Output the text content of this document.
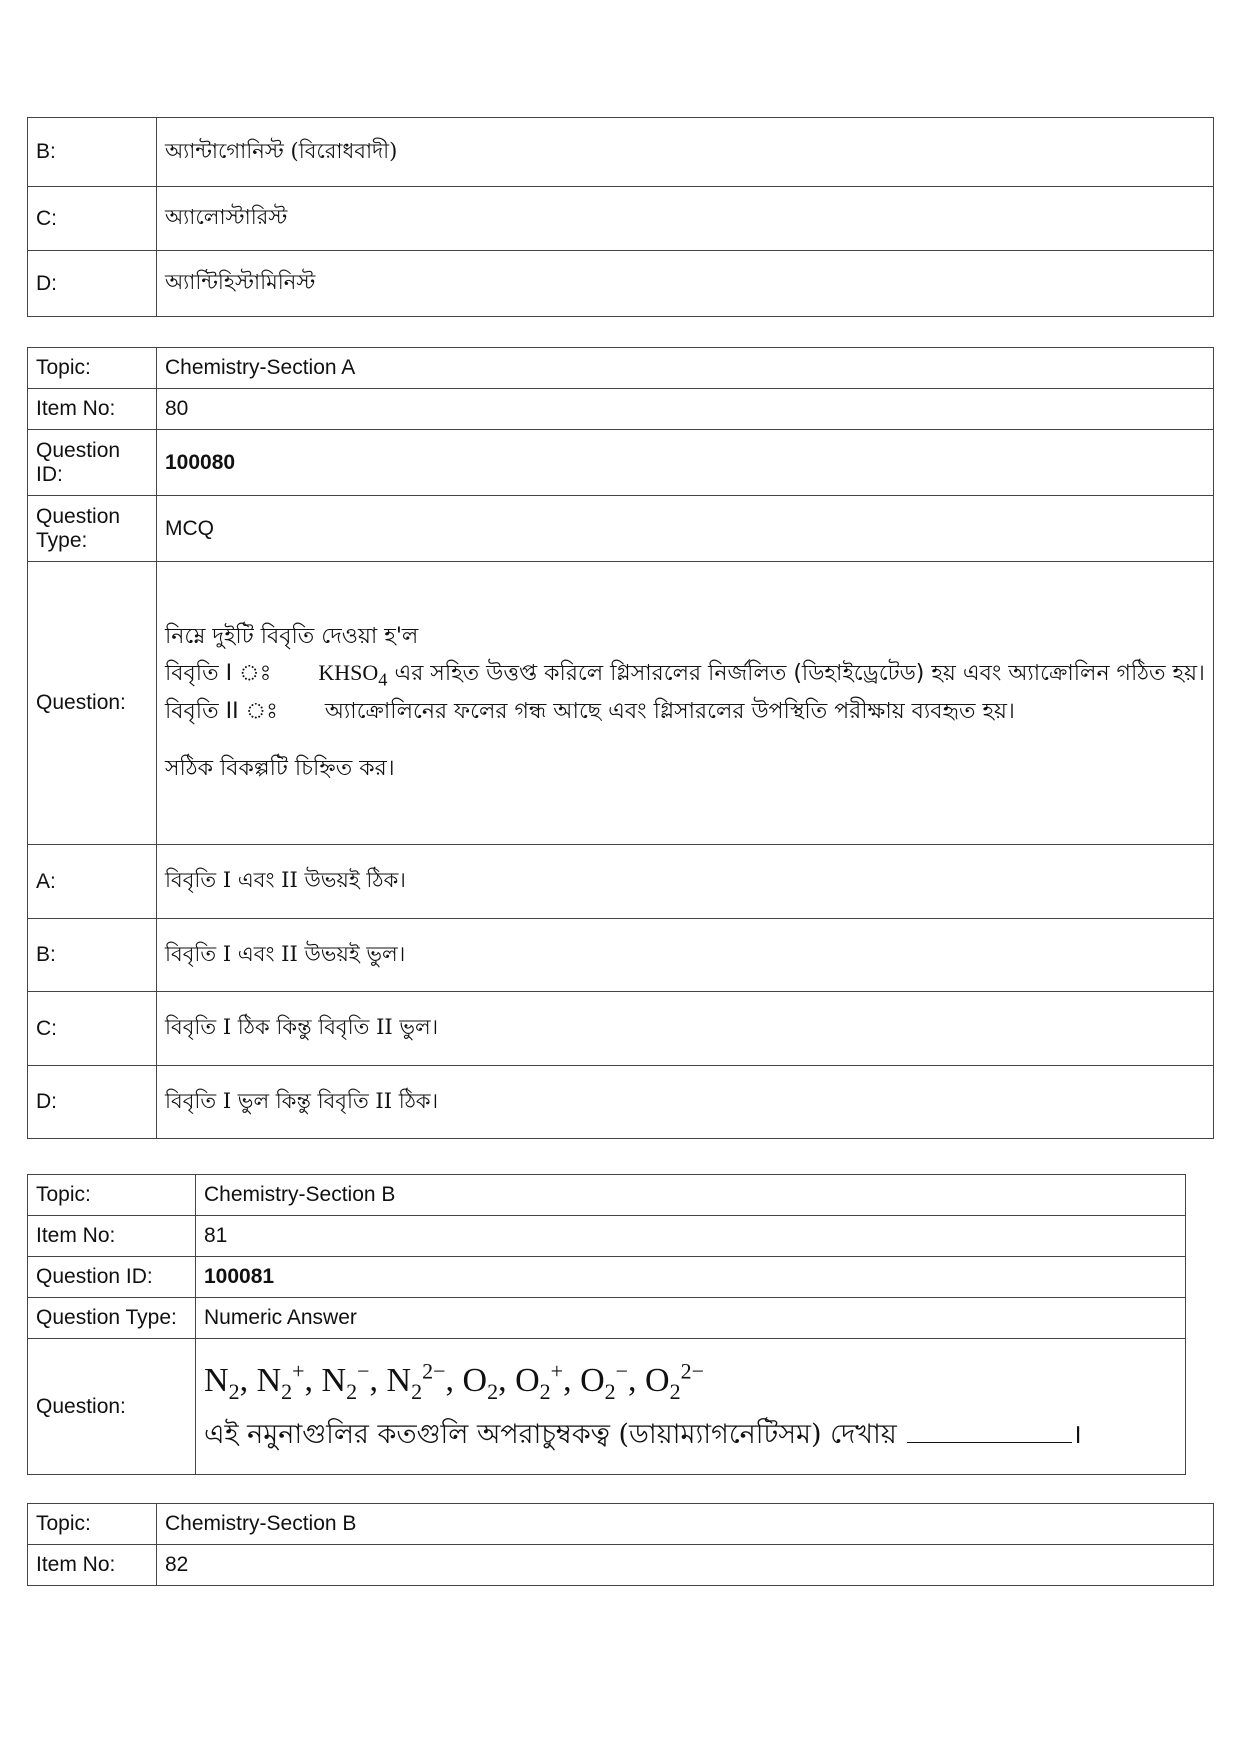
B:	অ্যান্টাগোনিস্ট (বিরোধবাদী)
C:	অ্যালোস্টারিস্ট
D:	অ্যান্টিহিস্টামিনিস্ট
Topic:	Chemistry-Section A
Item No:	80
Question ID:	100080
Question Type:	MCQ
Question:	নিম্নে দুইটি বিবৃতি দেওয়া হ'ল

বিবৃতি I ঃ $KHSO_4$ এর সহিত উত্তপ্ত করিলে গ্লিসারলের নির্জলিত (ডিহাইড্রেটেড) হয় এবং অ্যাক্রোলিন গঠিত হয়।

বিবৃতি II ঃ অ্যাক্রোলিনের ফলের গন্ধ আছে এবং গ্লিসারলের উপস্থিতি পরীক্ষায় ব্যবহৃত হয়।

সঠিক বিকল্পটি চিহ্নিত কর।

A:	বিবৃতি I এবং II উভয়ই ঠিক।
B:	বিবৃতি I এবং II উভয়ই ভুল।
C:	বিবৃতি I ঠিক কিন্তু বিবৃতি II ভুল।
D:	বিবৃতি I ভুল কিন্তু বিবৃতি II ঠিক।
Topic:	Chemistry-Section B
Item No:	81
Question ID:	100081
Question Type:	Numeric Answer
Question:	$N_2$, $N_2^+$, $N_2^-$, $N_2^{2-}$, $O_2$, $O_2^+$, $O_2^-$, $O_2^{2-}$
এই নমুনাগুলির কতগুলি অপরাচুম্বকত্ব (ডায়াম্যাগনেটিসম) দেখায় ।
Topic:	Chemistry-Section B
Item No:	82
